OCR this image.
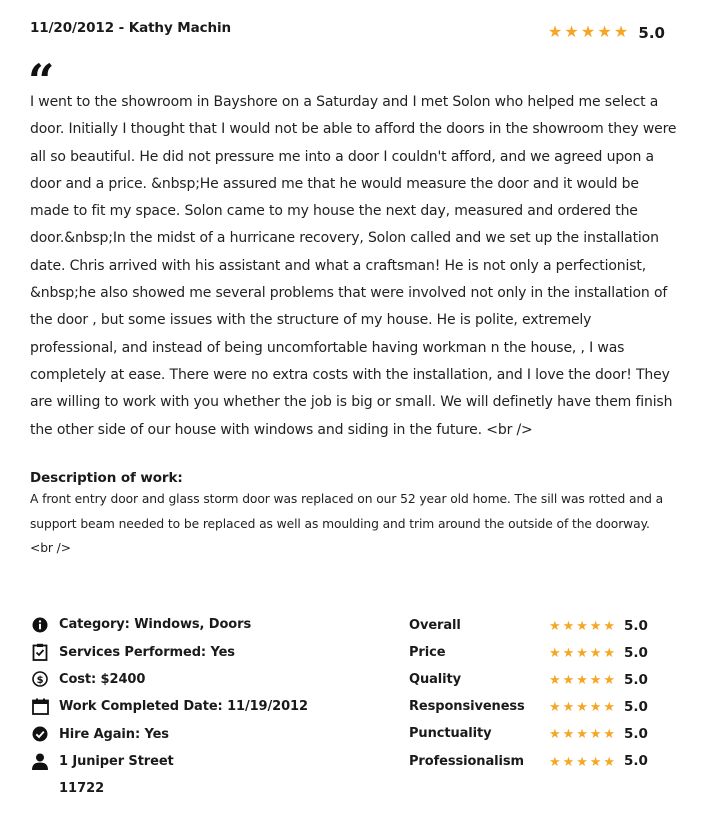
11/20/2012 - Kathy Machin	★ ★ ★ ★ ★ 5.0
“
I went to the showroom in Bayshore on a Saturday and I met Solon who helped me select a door. Initially I thought that I would not be able to afford the doors in the showroom they were all so beautiful. He did not pressure me into a door I couldn't afford, and we agreed upon a door and a price. &nbsp;He assured me that he would measure the door and it would be made to fit my space. Solon came to my house the next day, measured and ordered the door.&nbsp;In the midst of a hurricane recovery, Solon called and we set up the installation date. Chris arrived with his assistant and what a craftsman! He is not only a perfectionist, &nbsp;he also showed me several problems that were involved not only in the installation of the door , but some issues with the structure of my house. He is polite, extremely professional, and instead of being uncomfortable having workman n the house, , I was completely at ease. There were no extra costs with the installation, and I love the door! They are willing to work with you whether the job is big or small. We will definetly have them finish the other side of our house with windows and siding in the future. <br />
Description of work:
A front entry door and glass storm door was replaced on our 52 year old home. The sill was rotted and a support beam needed to be replaced as well as moulding and trim around the outside of the doorway.
<br />
Category: Windows, Doors
Services Performed: Yes
$ Cost: $2400
Work Completed Date: 11/19/2012
Hire Again: Yes
1 Juniper Street
11722
Overall	★ ★ ★ ★ ★ 5.0
Price	★ ★ ★ ★ ★ 5.0
Quality	★ ★ ★ ★ ★ 5.0
Responsiveness	★ ★ ★ ★ ★ 5.0
Punctuality	★ ★ ★ ★ ★ 5.0
Professionalism	★ ★ ★ ★ ★ 5.0
